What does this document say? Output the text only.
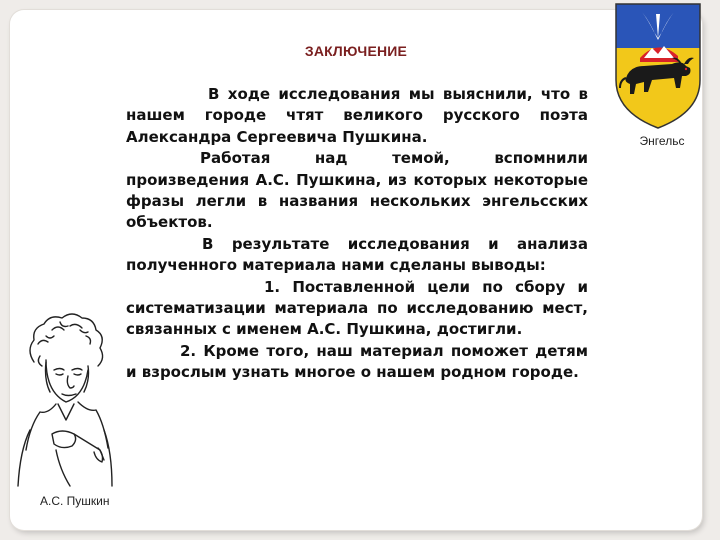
ЗАКЛЮЧЕНИЕ

В ходе исследования мы выяснили, что в нашем городе чтят великого русского поэта Александра Сергеевича Пушкина.

Работая над темой, вспомнили произведения А.С. Пушкина, из которых некоторые фразы легли в названия нескольких энгельсских объектов.

В результате исследования и анализа полученного материала нами сделаны выводы:

1. Поставленной цели по сбору и систематизации материала по исследованию мест, связанных с именем А.С. Пушкина, достигли.

2. Кроме того, наш материал поможет детям и взрослым узнать многое о нашем родном городе.

Энгельс
А.С. Пушкин
